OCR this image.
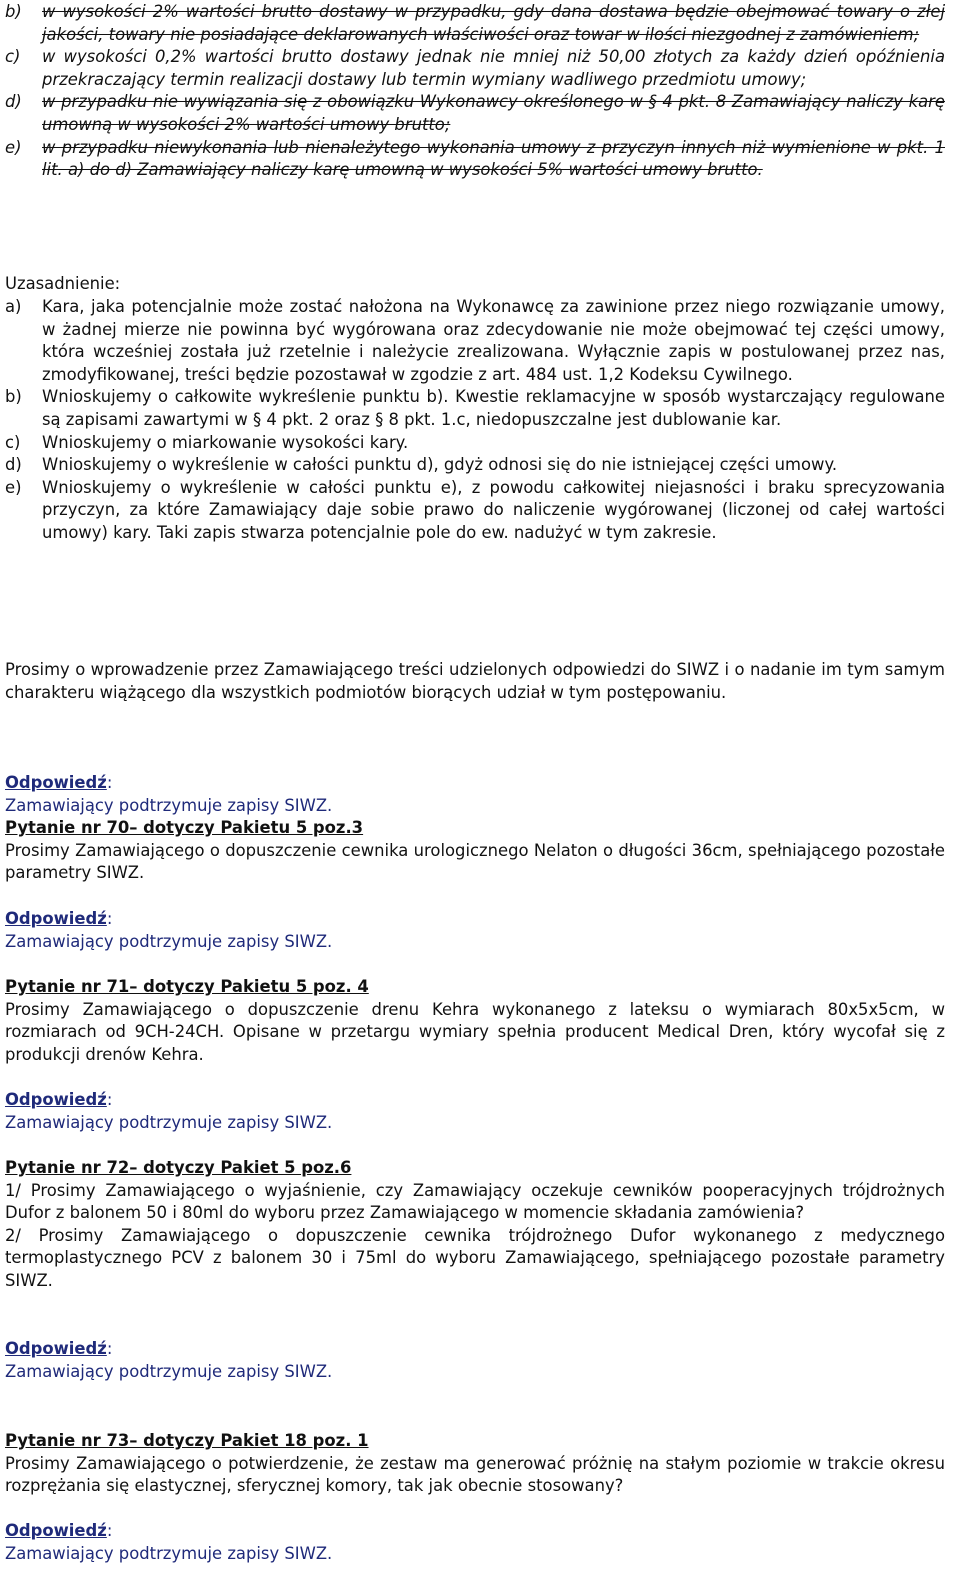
b) w wysokości 2% wartości brutto dostawy w przypadku, gdy dana dostawa będzie obejmować towary o złej jakości, towary nie posiadające deklarowanych właściwości oraz towar w ilości niezgodnej z zamówieniem;
c) w wysokości 0,2% wartości brutto dostawy jednak nie mniej niż 50,00 złotych za każdy dzień opóźnienia przekraczający termin realizacji dostawy lub termin wymiany wadliwego przedmiotu umowy;
d) w przypadku nie wywiązania się z obowiązku Wykonawcy określonego w § 4 pkt. 8 Zamawiający naliczy karę umowną w wysokości 2% wartości umowy brutto;
e) w przypadku niewykonania lub nienależytego wykonania umowy z przyczyn innych niż wymienione w pkt. 1 lit. a) do d) Zamawiający naliczy karę umowną w wysokości 5% wartości umowy brutto.
Uzasadnienie:
a) Kara, jaka potencjalnie może zostać nałożona na Wykonawcę za zawinione przez niego rozwiązanie umowy, w żadnej mierze nie powinna być wygórowana oraz zdecydowanie nie może obejmować tej części umowy, która wcześniej została już rzetelnie i należycie zrealizowana. Wyłącznie zapis w postulowanej przez nas, zmodyfikowanej, treści będzie pozostawał w zgodzie z art. 484 ust. 1,2 Kodeksu Cywilnego.
b) Wnioskujemy o całkowite wykreślenie punktu b). Kwestie reklamacyjne w sposób wystarczający regulowane są zapisami zawartymi w § 4 pkt. 2 oraz § 8 pkt. 1.c, niedopuszczalne jest dublowanie kar.
c) Wnioskujemy o miarkowanie wysokości kary.
d) Wnioskujemy o wykreślenie w całości punktu d), gdyż odnosi się do nie istniejącej części umowy.
e) Wnioskujemy o wykreślenie w całości punktu e), z powodu całkowitej niejasności i braku sprecyzowania przyczyn, za które Zamawiający daje sobie prawo do naliczenie wygórowanej (liczonej od całej wartości umowy) kary. Taki zapis stwarza potencjalnie pole do ew. nadużyć w tym zakresie.
Prosimy o wprowadzenie przez Zamawiającego treści udzielonych odpowiedzi do SIWZ i o nadanie im tym samym charakteru wiążącego dla wszystkich podmiotów biorących udział w tym postępowaniu.
Odpowiedź:
Zamawiający podtrzymuje zapisy SIWZ.
Pytanie nr 70– dotyczy Pakietu 5 poz.3
Prosimy Zamawiającego o dopuszczenie cewnika urologicznego Nelaton o długości 36cm, spełniającego pozostałe parametry SIWZ.
Odpowiedź:
Zamawiający podtrzymuje zapisy SIWZ.
Pytanie nr 71– dotyczy Pakietu 5 poz. 4
Prosimy Zamawiającego o dopuszczenie drenu Kehra wykonanego z lateksu o wymiarach 80x5x5cm, w rozmiarach od 9CH-24CH. Opisane w przetargu wymiary spełnia producent Medical Dren, który wycofał się z produkcji drenów Kehra.
Odpowiedź:
Zamawiający podtrzymuje zapisy SIWZ.
Pytanie nr 72– dotyczy Pakiet 5 poz.6
1/ Prosimy Zamawiającego o wyjaśnienie, czy Zamawiający oczekuje cewników pooperacyjnych trójdrożnych Dufor z balonem 50 i 80ml do wyboru przez Zamawiającego w momencie składania zamówienia?
2/ Prosimy Zamawiającego o dopuszczenie cewnika trójdrożnego Dufor wykonanego z medycznego termoplastycznego PCV z balonem 30 i 75ml do wyboru Zamawiającego, spełniającego pozostałe parametry SIWZ.
Odpowiedź:
Zamawiający podtrzymuje zapisy SIWZ.
Pytanie nr 73– dotyczy Pakiet 18 poz. 1
Prosimy Zamawiającego o potwierdzenie, że zestaw ma generować próżnię na stałym poziomie w trakcie okresu rozprężania się elastycznej, sferycznej komory, tak jak obecnie stosowany?
Odpowiedź:
Zamawiający podtrzymuje zapisy SIWZ.
